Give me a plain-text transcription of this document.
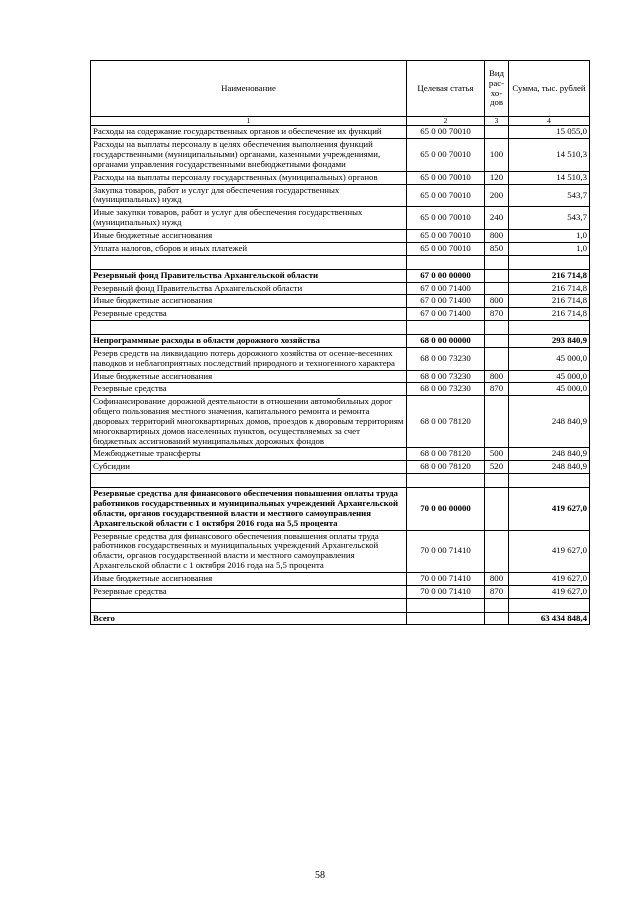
Наименование	Целевая статья	Вид рас-хо-дов	Сумма, тыс. рублей
1	2	3	4
Расходы на содержание государственных органов и обеспечение их функций	65 0 00 70010		15 055,0
Расходы на выплаты персоналу в целях обеспечения выполнения функций государственными (муниципальными) органами, казенными учреждениями, органами управления государственными внебюджетными фондами	65 0 00 70010	100	14 510,3
Расходы на выплаты персоналу государственных (муниципальных) органов	65 0 00 70010	120	14 510,3
Закупка товаров, работ и услуг для обеспечения государственных (муниципальных) нужд	65 0 00 70010	200	543,7
Иные закупки товаров, работ и услуг для обеспечения государственных (муниципальных) нужд	65 0 00 70010	240	543,7
Иные бюджетные ассигнования	65 0 00 70010	800	1,0
Уплата налогов, сборов и иных платежей	65 0 00 70010	850	1,0

Резервный фонд Правительства Архангельской области	67 0 00 00000		216 714,8
Резервный фонд Правительства Архангельской области	67 0 00 71400		216 714,8
Иные бюджетные ассигнования	67 0 00 71400	800	216 714,8
Резервные средства	67 0 00 71400	870	216 714,8

Непрограммные расходы в области дорожного хозяйства	68 0 00 00000		293 840,9
Резерв средств на ликвидацию потерь дорожного хозяйства от осенне-весенних паводков и неблагоприятных последствий природного и техногенного характера	68 0 00 73230		45 000,0
Иные бюджетные ассигнования	68 0 00 73230	800	45 000,0
Резервные средства	68 0 00 73230	870	45 000,0
Софинансирование дорожной деятельности в отношении автомобильных дорог общего пользования местного значения, капитального ремонта и ремонта дворовых территорий многоквартирных домов, проездов к дворовым территориям многоквартирных домов населенных пунктов, осуществляемых за счет бюджетных ассигнований муниципальных дорожных фондов	68 0 00 78120		248 840,9
Межбюджетные трансферты	68 0 00 78120	500	248 840,9
Субсидии	68 0 00 78120	520	248 840,9

Резервные средства для финансового обеспечения повышения оплаты труда работников государственных и муниципальных учреждений Архангельской области, органов государственной власти и местного самоуправления Архангельской области с 1 октября 2016 года на 5,5 процента	70 0 00 00000		419 627,0
Резервные средства для финансового обеспечения повышения оплаты труда работников государственных и муниципальных учреждений Архангельской области, органов государственной власти и местного самоуправления Архангельской области с 1 октября 2016 года на 5,5 процента	70 0 00 71410		419 627,0
Иные бюджетные ассигнования	70 0 00 71410	800	419 627,0
Резервные средства	70 0 00 71410	870	419 627,0

Всего			63 434 848,4
58
